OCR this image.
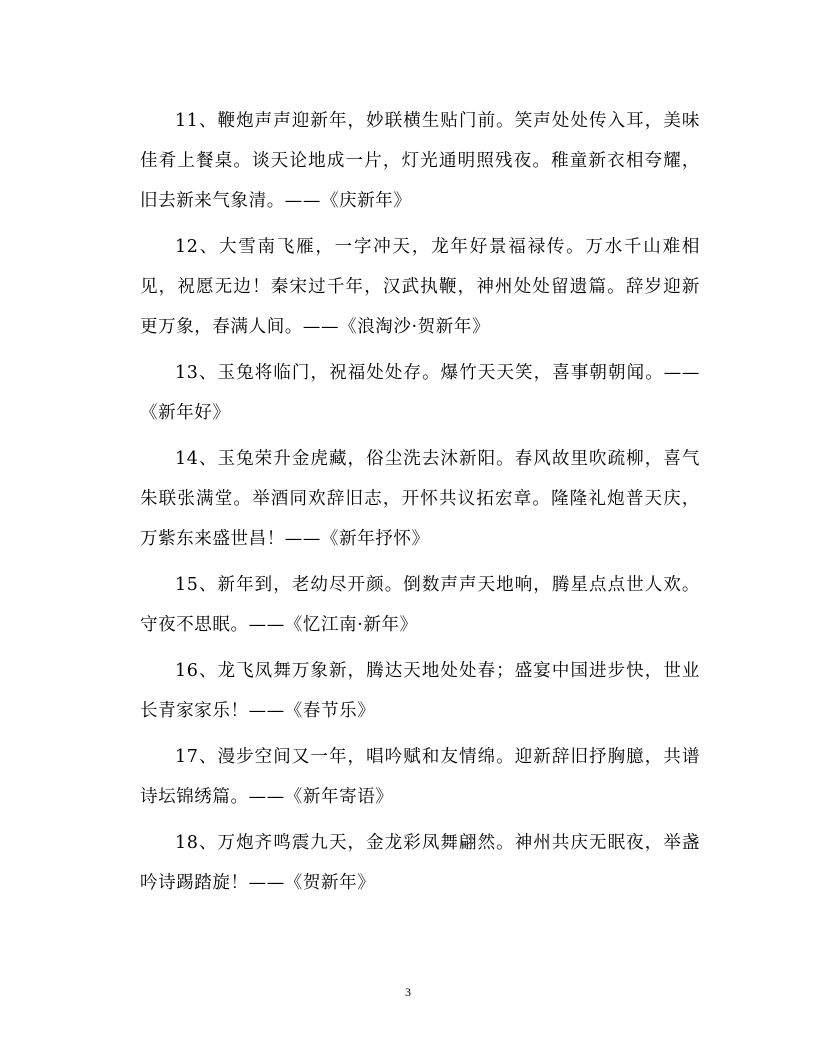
11、鞭炮声声迎新年，妙联横生贴门前。笑声处处传入耳，美味佳肴上餐桌。谈天论地成一片，灯光通明照残夜。稚童新衣相夸耀，旧去新来气象清。——《庆新年》

12、大雪南飞雁，一字冲天，龙年好景福禄传。万水千山难相见，祝愿无边！秦宋过千年，汉武执鞭，神州处处留遗篇。辞岁迎新更万象，春满人间。——《浪淘沙·贺新年》

13、玉兔将临门，祝福处处存。爆竹天天笑，喜事朝朝闻。——《新年好》

14、玉兔荣升金虎藏，俗尘洗去沐新阳。春风故里吹疏柳，喜气朱联张满堂。举酒同欢辞旧志，开怀共议拓宏章。隆隆礼炮普天庆，万紫东来盛世昌！——《新年抒怀》

15、新年到，老幼尽开颜。倒数声声天地响，腾星点点世人欢。守夜不思眠。——《忆江南·新年》

16、龙飞凤舞万象新，腾达天地处处春；盛宴中国进步快，世业长青家家乐！——《春节乐》

17、漫步空间又一年，唱吟赋和友情绵。迎新辞旧抒胸臆，共谱诗坛锦绣篇。——《新年寄语》

18、万炮齐鸣震九天，金龙彩凤舞翩然。神州共庆无眠夜，举盏吟诗踢踏旋！——《贺新年》

3
